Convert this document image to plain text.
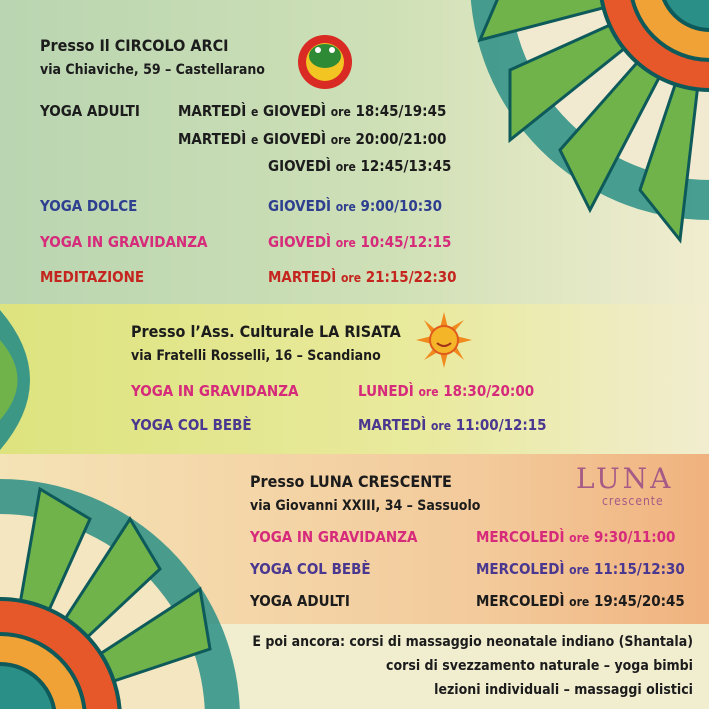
Presso Il CIRCOLO ARCI
via Chiaviche, 59 – Castellarano
YOGA ADULTI	MARTEDÌ e GIOVEDÌ ore 18:45/19:45
MARTEDÌ e GIOVEDÌ ore 20:00/21:00
GIOVEDÌ ore 12:45/13:45
YOGA DOLCE	GIOVEDÌ ore 9:00/10:30
YOGA IN GRAVIDANZA	GIOVEDÌ ore 10:45/12:15
MEDITAZIONE	MARTEDÌ ore 21:15/22:30
Presso l’Ass. Culturale LA RISATA
via Fratelli Rosselli, 16 – Scandiano
YOGA IN GRAVIDANZA	LUNEDÌ ore 18:30/20:00
YOGA COL BEBÈ	MARTEDÌ ore 11:00/12:15
Presso LUNA CRESCENTE
via Giovanni XXIII, 34 – Sassuolo
LUNA
crescente
YOGA IN GRAVIDANZA	MERCOLEDÌ ore 9:30/11:00
YOGA COL BEBÈ	MERCOLEDÌ ore 11:15/12:30
YOGA ADULTI	MERCOLEDÌ ore 19:45/20:45
E poi ancora: corsi di massaggio neonatale indiano (Shantala)
corsi di svezzamento naturale – yoga bimbi
lezioni individuali – massaggi olistici
